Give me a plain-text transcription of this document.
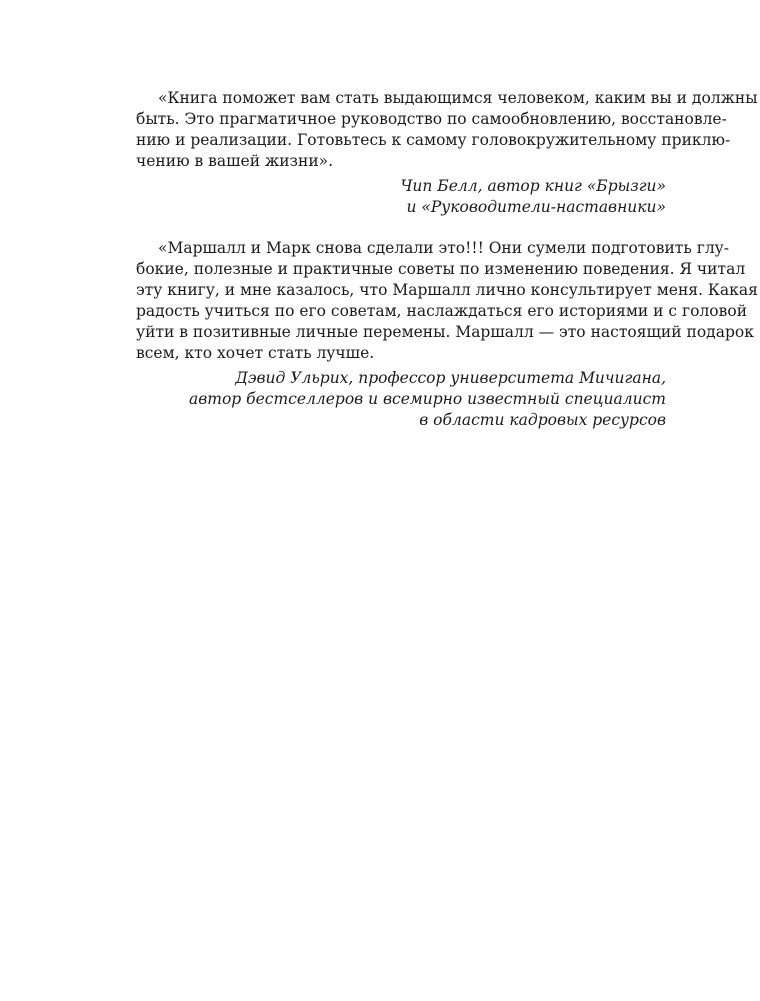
«Книга поможет вам стать выдающимся человеком, каким вы и должны
быть. Это прагматичное руководство по самообновлению, восстановле-
нию и реализации. Готовьтесь к самому головокружительному приклю-
чению в вашей жизни».

Чип Белл, автор книг «Брызги»
и «Руководители-наставники»

«Маршалл и Марк снова сделали это!!! Они сумели подготовить глу-
бокие, полезные и практичные советы по изменению поведения. Я читал
эту книгу, и мне казалось, что Маршалл лично консультирует меня. Какая
радость учиться по его советам, наслаждаться его историями и с головой
уйти в позитивные личные перемены. Маршалл — это настоящий подарок
всем, кто хочет стать лучше.

Дэвид Ульрих, профессор университета Мичигана,
автор бестселлеров и всемирно известный специалист
в области кадровых ресурсов
